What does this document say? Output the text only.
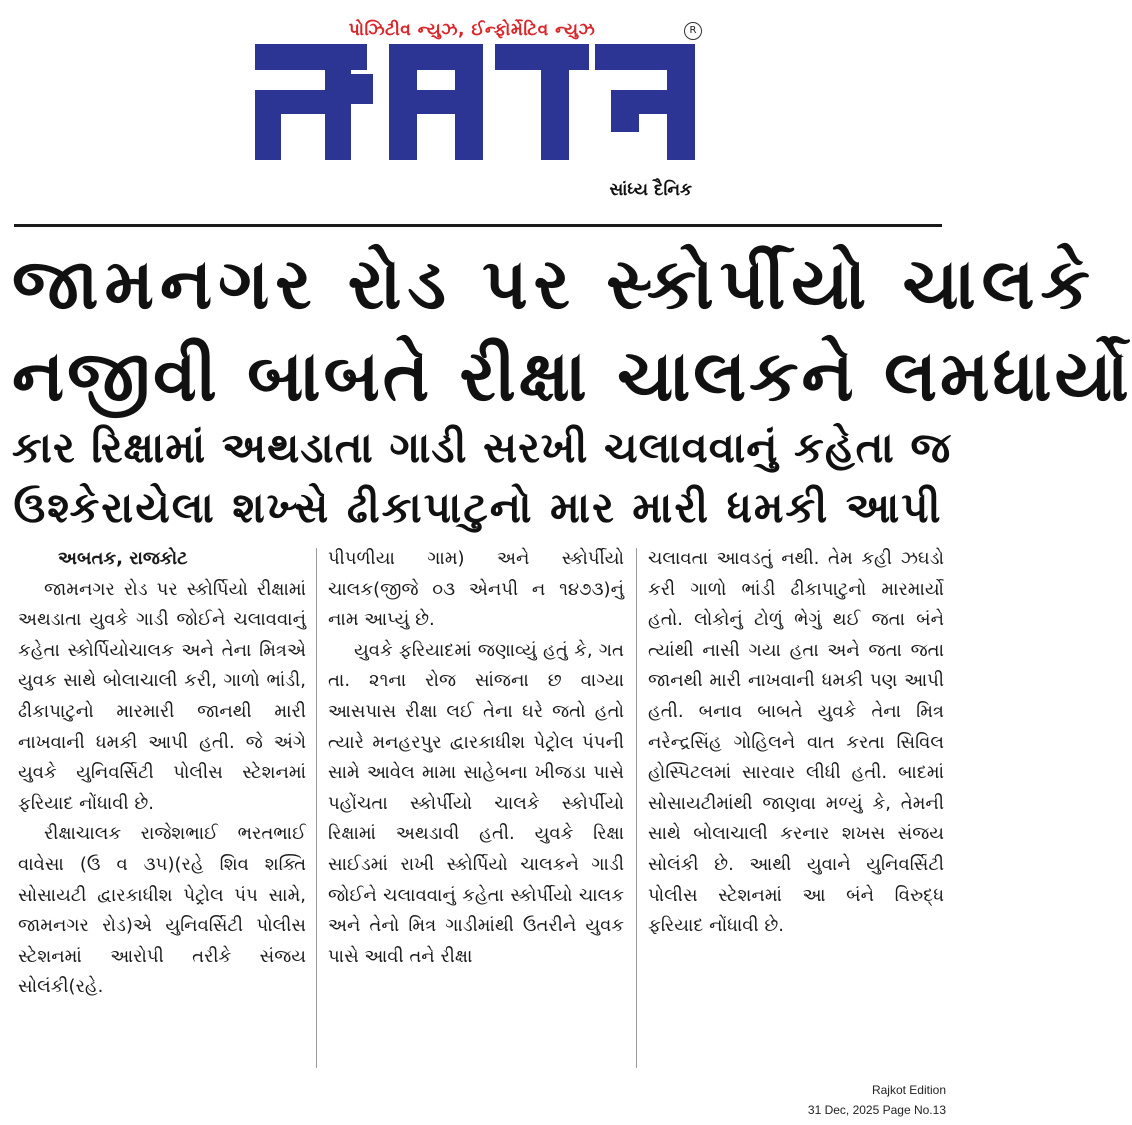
પોઝિટીવ ન્યુઝ, ઈન્ફોર્મેટિવ ન્યુઝ	R
અબતક
સાંધ્ય દૈનિક
જામનગર રોડ પર સ્કોર્પીયો ચાલકે
નજીવી બાબતે રીક્ષા ચાલકને લમધાર્યો
કાર રિક્ષામાં અથડાતા ગાડી સરખી ચલાવવાનું કહેતા જ
ઉશ્કેરાયેલા શખ્સે ઢીકાપાટુનો માર મારી ધમકી આપી
અબતક, રાજકોટ

જામનગર રોડ પર સ્કોર્પિયો રીક્ષામાં અથડાતા યુવકે ગાડી જોઈને ચલાવવાનું કહેતા સ્કોર્પિયોચાલક અને તેના મિત્રએ યુવક સાથે બોલાચાલી કરી, ગાળો ભાંડી, ઢીકાપાટુનો મારમારી જાનથી મારી નાખવાની ધમકી આપી હતી. જે અંગે યુવકે યુનિવર્સિટી પોલીસ સ્ટેશનમાં ફરિયાદ નોંધાવી છે.

રીક્ષાચાલક રાજેશભાઈ ભરતભાઈ વાવેસા (ઉ વ ૩૫)(રહે શિવ શક્તિ સોસાયટી દ્વારકાધીશ પેટ્રોલ પંપ સામે, જામનગર રોડ)એ યુનિવર્સિટી પોલીસ સ્ટેશનમાં આરોપી તરીકે સંજય સોલંકી(રહે.

પીપળીયા ગામ) અને સ્કોર્પીયો ચાલક(જીજે ૦૩ એનપી ન ૧૪૭૩)નું નામ આપ્યું છે.

યુવકે ફરિયાદમાં જણાવ્યું હતું કે, ગત તા. ૨૧ના રોજ સાંજના છ વાગ્યા આસપાસ રીક્ષા લઈ તેના ઘરે જતો હતો ત્યારે મનહરપુર દ્વારકાધીશ પેટ્રોલ પંપની સામે આવેલ મામા સાહેબના ખીજડા પાસે પહોંચતા સ્કોર્પીયો ચાલકે સ્કોર્પીયો રિક્ષામાં અથડાવી હતી. યુવકે રિક્ષા સાઈડમાં રાખી સ્કોર્પિયો ચાલકને ગાડી જોઈને ચલાવવાનું કહેતા સ્કોર્પીયો ચાલક અને તેનો મિત્ર ગાડીમાંથી ઉતરીને યુવક પાસે આવી તને રીક્ષા

ચલાવતા આવડતું નથી. તેમ કહી ઝઘડો કરી ગાળો ભાંડી ઢીકાપાટુનો મારમાર્યો હતો. લોકોનું ટોળું ભેગું થઈ જતા બંને ત્યાંથી નાસી ગયા હતા અને જતા જતા જાનથી મારી નાખવાની ધમકી પણ આપી હતી. બનાવ બાબતે યુવકે તેના મિત્ર નરેન્દ્રસિંહ ગોહિલને વાત કરતા સિવિલ હોસ્પિટલમાં સારવાર લીધી હતી. બાદમાં સોસાયટીમાંથી જાણવા મળ્યું કે, તેમની સાથે બોલાચાલી કરનાર શખસ સંજય સોલંકી છે. આથી યુવાને યુનિવર્સિટી પોલીસ સ્ટેશનમાં આ બંને વિરુદ્ધ ફરિયાદ નોંધાવી છે.

Rajkot Edition
31 Dec, 2025 Page No.13
